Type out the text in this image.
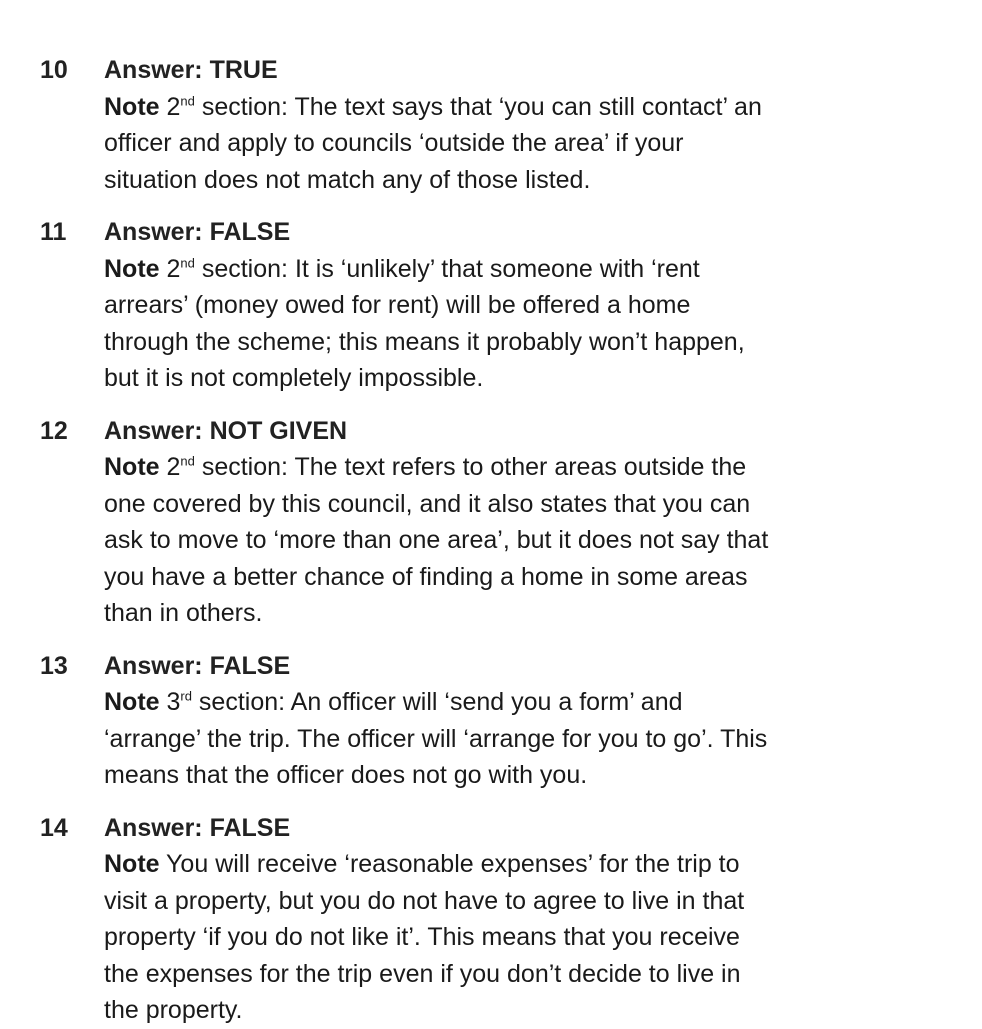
10	Answer: TRUE
Note 2nd section: The text says that ‘you can still contact’ an
officer and apply to councils ‘outside the area’ if your
situation does not match any of those listed.
11	Answer: FALSE
Note 2nd section: It is ‘unlikely’ that someone with ‘rent
arrears’ (money owed for rent) will be offered a home
through the scheme; this means it probably won’t happen,
but it is not completely impossible.
12	Answer: NOT GIVEN
Note 2nd section: The text refers to other areas outside the
one covered by this council, and it also states that you can
ask to move to ‘more than one area’, but it does not say that
you have a better chance of finding a home in some areas
than in others.
13	Answer: FALSE
Note 3rd section: An officer will ‘send you a form’ and
‘arrange’ the trip. The officer will ‘arrange for you to go’. This
means that the officer does not go with you.
14	Answer: FALSE
Note You will receive ‘reasonable expenses’ for the trip to
visit a property, but you do not have to agree to live in that
property ‘if you do not like it’. This means that you receive
the expenses for the trip even if you don’t decide to live in
the property.
